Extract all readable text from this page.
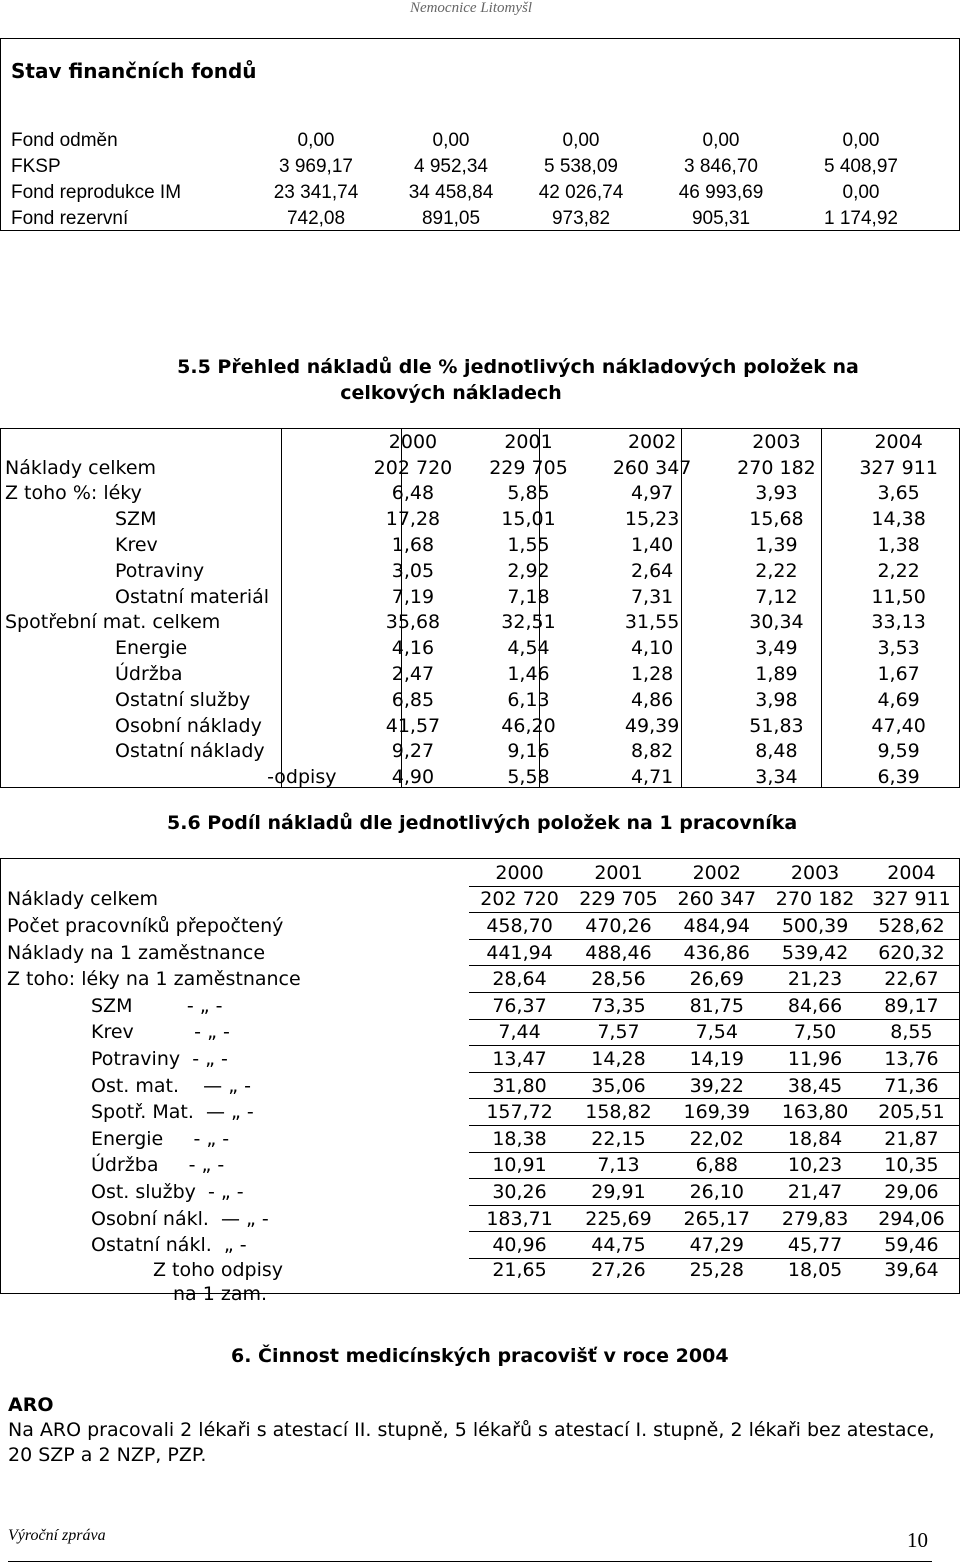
Nemocnice Litomyšl
Stav finančních fondů
Fond odměn	0,00	0,00	0,00	0,00	0,00
FKSP	3 969,17	4 952,34	5 538,09	3 846,70	5 408,97
Fond reprodukce IM	23 341,74	34 458,84	42 026,74	46 993,69	0,00
Fond rezervní	742,08	891,05	973,82	905,31	1 174,92
5.5 Přehled nákladů dle % jednotlivých nákladových položek na
celkových nákladech
	2000	2001	2002	2003	2004
Náklady celkem	202 720	229 705	260 347	270 182	327 911
Z toho %: léky	6,48	5,85	4,97	3,93	3,65
SZM	17,28	15,01	15,23	15,68	14,38
Krev	1,68	1,55	1,40	1,39	1,38
Potraviny	3,05	2,92	2,64	2,22	2,22
Ostatní materiál	7,19	7,18	7,31	7,12	11,50
Spotřební mat. celkem	35,68	32,51	31,55	30,34	33,13
Energie	4,16	4,54	4,10	3,49	3,53
Údržba	2,47	1,46	1,28	1,89	1,67
Ostatní služby	6,85	6,13	4,86	3,98	4,69
Osobní náklady	41,57	46,20	49,39	51,83	47,40
Ostatní náklady	9,27	9,16	8,82	8,48	9,59
-odpisy	4,90	5,58	4,71	3,34	6,39
5.6 Podíl nákladů dle jednotlivých položek na 1 pracovníka
	2000	2001	2002	2003	2004
Náklady celkem	202 720	229 705	260 347	270 182	327 911
Počet pracovníků přepočtený	458,70	470,26	484,94	500,39	528,62
Náklady na 1 zaměstnance	441,94	488,46	436,86	539,42	620,32
Z toho: léky na 1 zaměstnance	28,64	28,56	26,69	21,23	22,67
SZM         - „ -	76,37	73,35	81,75	84,66	89,17
Krev          - „ -	7,44	7,57	7,54	7,50	8,55
Potraviny  - „ -	13,47	14,28	14,19	11,96	13,76
Ost. mat.    — „ -	31,80	35,06	39,22	38,45	71,36
Spotř. Mat.  — „ -	157,72	158,82	169,39	163,80	205,51
Energie     - „ -	18,38	22,15	22,02	18,84	21,87
Údržba     - „ -	10,91	7,13	6,88	10,23	10,35
Ost. služby  - „ -	30,26	29,91	26,10	21,47	29,06
Osobní nákl.  — „ -	183,71	225,69	265,17	279,83	294,06
Ostatní nákl.  „ -	40,96	44,75	47,29	45,77	59,46

Z toho odpisy
na 1 zam.	21,65	27,26	25,28	18,05	39,64
6. Činnost medicínských pracovišť v roce 2004
ARO
Na ARO pracovali 2 lékaři s atestací II. stupně, 5 lékařů s atestací I. stupně, 2 lékaři bez atestace, 20 SZP a 2 NZP, PZP.
Výroční zpráva	10
